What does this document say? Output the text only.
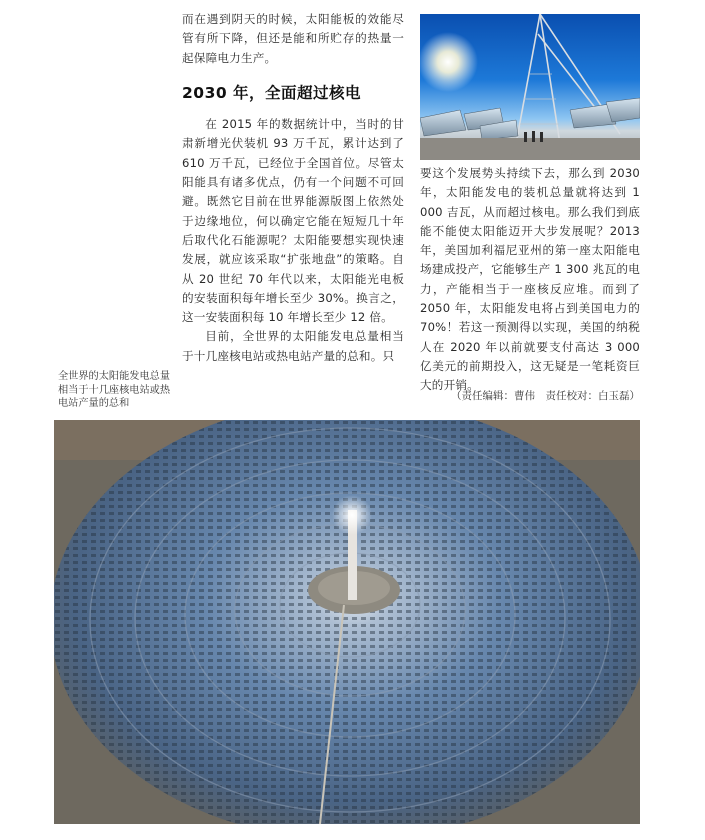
而在遇到阴天的时候，太阳能板的效能尽管有所下降，但还是能和所贮存的热量一起保障电力生产。

2030 年，全面超过核电

在 2015 年的数据统计中，当时的甘肃新增光伏装机 93 万千瓦，累计达到了 610 万千瓦，已经位于全国首位。尽管太阳能具有诸多优点，仍有一个问题不可回避。既然它目前在世界能源版图上依然处于边缘地位，何以确定它能在短短几十年后取代化石能源呢？太阳能要想实现快速发展，就应该采取“扩张地盘”的策略。自从 20 世纪 70 年代以来，太阳能光电板的安装面积每年增长至少 30%。换言之，这一安装面积每 10 年增长至少 12 倍。

目前，全世界的太阳能发电总量相当于十几座核电站或热电站产量的总和。只

要这个发展势头持续下去，那么到 2030 年，太阳能发电的装机总量就将达到 1 000 吉瓦，从而超过核电。那么我们到底能不能使太阳能迈开大步发展呢？2013 年，美国加利福尼亚州的第一座太阳能电场建成投产，它能够生产 1 300 兆瓦的电力，产能相当于一座核反应堆。而到了 2050 年，太阳能发电将占到美国电力的 70%！若这一预测得以实现，美国的纳税人在 2020 年以前就要支付高达 3 000 亿美元的前期投入，这无疑是一笔耗资巨大的开销。

（责任编辑：曹伟　责任校对：白玉磊）
全世界的太阳能发电总量相当于十几座核电站或热电站产量的总和
